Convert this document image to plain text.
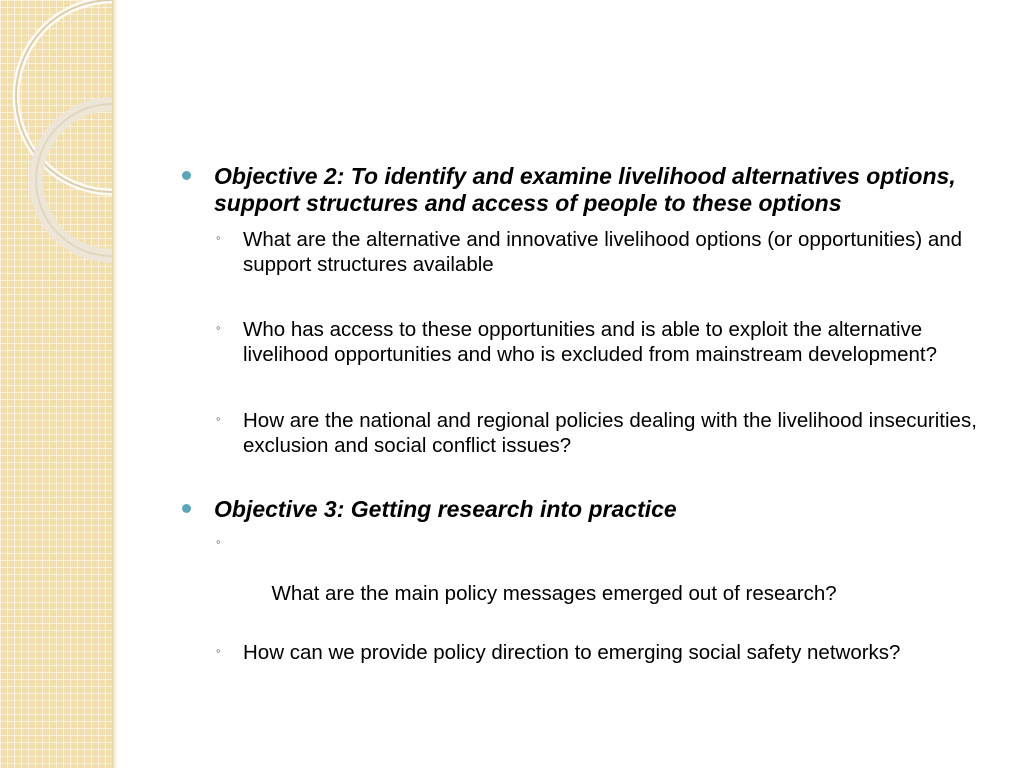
Objective 2: To identify and examine livelihood alternatives options, support structures and access of people to these options
◦ What are the alternative and innovative livelihood options (or opportunities) and support structures available
◦ Who has access to these opportunities and is able to exploit the alternative livelihood opportunities and who is excluded from mainstream development?
◦ How are the national and regional policies dealing with the livelihood insecurities, exclusion and social conflict issues?
Objective 3: Getting research into practice

◦

What are the main policy messages emerged out of research?

◦ How can we provide policy direction to emerging social safety networks?
